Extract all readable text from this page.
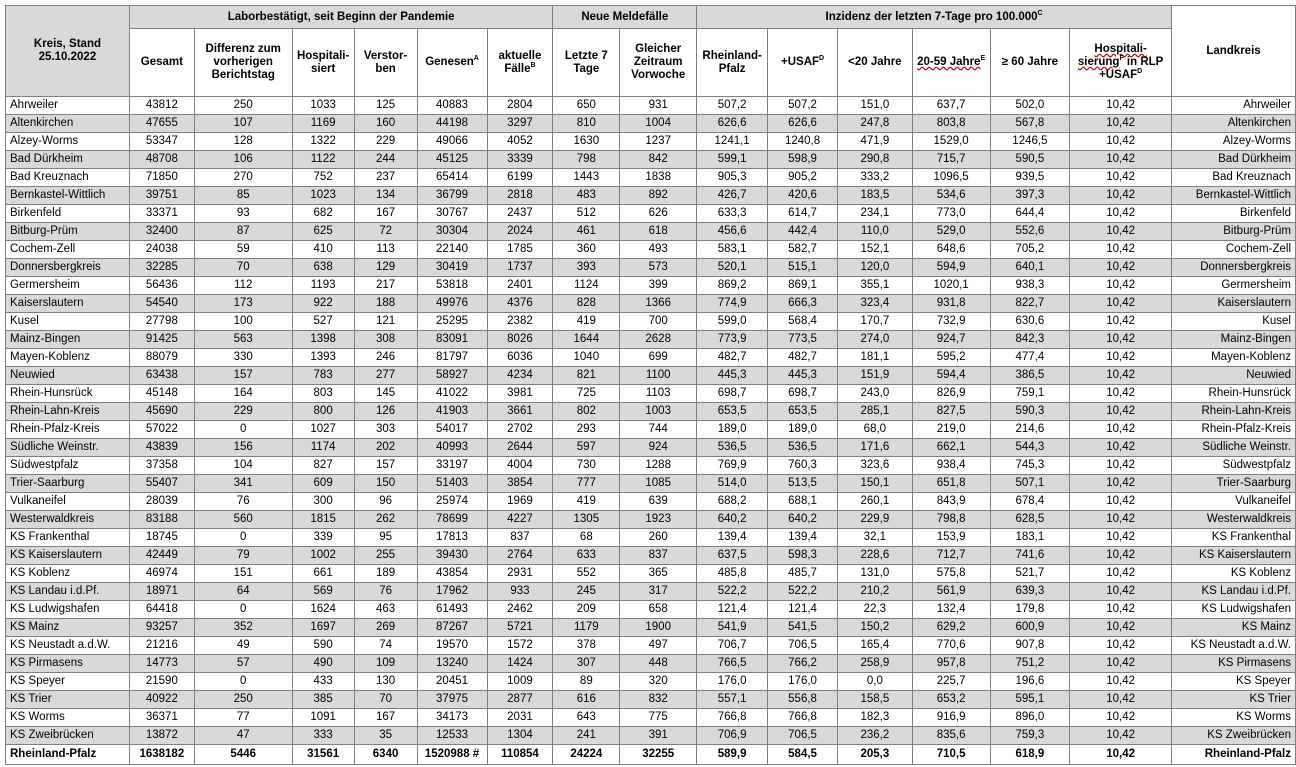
Kreis, Stand
25.10.2022	Laborbestätigt, seit Beginn der Pandemie						Neue Meldefälle		Inzidenz der letzten 7-Tage pro $100.000^C$						Landkreis
	Gesamt	Differenz zum vorherigen Berichtstag	Hospitali-siert	Verstor-ben	Genesen$^A$	aktuelle Fälle$^B$	Letzte 7 Tage	Gleicher Zeitraum Vorwoche	Rheinland-Pfalz	$+USAF^D$	<20 Jahre	20-59 Jahre$^E$	≥ 60 Jahre	Hospitali-sierung$^F$ in RLP $+USAF^D$
Ahrweiler	43812	250	1033	125	40883	2804	650	931	507,2	507,2	151,0	637,7	502,0	10,42	Ahrweiler
Altenkirchen	47655	107	1169	160	44198	3297	810	1004	626,6	626,6	247,8	803,8	567,8	10,42	Altenkirchen
Alzey-Worms	53347	128	1322	229	49066	4052	1630	1237	1241,1	1240,8	471,9	1529,0	1246,5	10,42	Alzey-Worms
Bad Dürkheim	48708	106	1122	244	45125	3339	798	842	599,1	598,9	290,8	715,7	590,5	10,42	Bad Dürkheim
Bad Kreuznach	71850	270	752	237	65414	6199	1443	1838	905,3	905,2	333,2	1096,5	939,5	10,42	Bad Kreuznach
Bernkastel-Wittlich	39751	85	1023	134	36799	2818	483	892	426,7	420,6	183,5	534,6	397,3	10,42	Bernkastel-Wittlich
Birkenfeld	33371	93	682	167	30767	2437	512	626	633,3	614,7	234,1	773,0	644,4	10,42	Birkenfeld
Bitburg-Prüm	32400	87	625	72	30304	2024	461	618	456,6	442,4	110,0	529,0	552,6	10,42	Bitburg-Prüm
Cochem-Zell	24038	59	410	113	22140	1785	360	493	583,1	582,7	152,1	648,6	705,2	10,42	Cochem-Zell
Donnersbergkreis	32285	70	638	129	30419	1737	393	573	520,1	515,1	120,0	594,9	640,1	10,42	Donnersbergkreis
Germersheim	56436	112	1193	217	53818	2401	1124	399	869,2	869,1	355,1	1020,1	938,3	10,42	Germersheim
Kaiserslautern	54540	173	922	188	49976	4376	828	1366	774,9	666,3	323,4	931,8	822,7	10,42	Kaiserslautern
Kusel	27798	100	527	121	25295	2382	419	700	599,0	568,4	170,7	732,9	630,6	10,42	Kusel
Mainz-Bingen	91425	563	1398	308	83091	8026	1644	2628	773,9	773,5	274,0	924,7	842,3	10,42	Mainz-Bingen
Mayen-Koblenz	88079	330	1393	246	81797	6036	1040	699	482,7	482,7	181,1	595,2	477,4	10,42	Mayen-Koblenz
Neuwied	63438	157	783	277	58927	4234	821	1100	445,3	445,3	151,9	594,4	386,5	10,42	Neuwied
Rhein-Hunsrück	45148	164	803	145	41022	3981	725	1103	698,7	698,7	243,0	826,9	759,1	10,42	Rhein-Hunsrück
Rhein-Lahn-Kreis	45690	229	800	126	41903	3661	802	1003	653,5	653,5	285,1	827,5	590,3	10,42	Rhein-Lahn-Kreis
Rhein-Pfalz-Kreis	57022	0	1027	303	54017	2702	293	744	189,0	189,0	68,0	219,0	214,6	10,42	Rhein-Pfalz-Kreis
Südliche Weinstr.	43839	156	1174	202	40993	2644	597	924	536,5	536,5	171,6	662,1	544,3	10,42	Südliche Weinstr.
Südwestpfalz	37358	104	827	157	33197	4004	730	1288	769,9	760,3	323,6	938,4	745,3	10,42	Südwestpfalz
Trier-Saarburg	55407	341	609	150	51403	3854	777	1085	514,0	513,5	150,1	651,8	507,1	10,42	Trier-Saarburg
Vulkaneifel	28039	76	300	96	25974	1969	419	639	688,2	688,1	260,1	843,9	678,4	10,42	Vulkaneifel
Westerwaldkreis	83188	560	1815	262	78699	4227	1305	1923	640,2	640,2	229,9	798,8	628,5	10,42	Westerwaldkreis
KS Frankenthal	18745	0	339	95	17813	837	68	260	139,4	139,4	32,1	153,9	183,1	10,42	KS Frankenthal
KS Kaiserslautern	42449	79	1002	255	39430	2764	633	837	637,5	598,3	228,6	712,7	741,6	10,42	KS Kaiserslautern
KS Koblenz	46974	151	661	189	43854	2931	552	365	485,8	485,7	131,0	575,8	521,7	10,42	KS Koblenz
KS Landau i.d.Pf.	18971	64	569	76	17962	933	245	317	522,2	522,2	210,2	561,9	639,3	10,42	KS Landau i.d.Pf.
KS Ludwigshafen	64418	0	1624	463	61493	2462	209	658	121,4	121,4	22,3	132,4	179,8	10,42	KS Ludwigshafen
KS Mainz	93257	352	1697	269	87267	5721	1179	1900	541,9	541,5	150,2	629,2	600,9	10,42	KS Mainz
KS Neustadt a.d.W.	21216	49	590	74	19570	1572	378	497	706,7	706,5	165,4	770,6	907,8	10,42	KS Neustadt a.d.W.
KS Pirmasens	14773	57	490	109	13240	1424	307	448	766,5	766,2	258,9	957,8	751,2	10,42	KS Pirmasens
KS Speyer	21590	0	433	130	20451	1009	89	320	176,0	176,0	0,0	225,7	196,6	10,42	KS Speyer
KS Trier	40922	250	385	70	37975	2877	616	832	557,1	556,8	158,5	653,2	595,1	10,42	KS Trier
KS Worms	36371	77	1091	167	34173	2031	643	775	766,8	766,8	182,3	916,9	896,0	10,42	KS Worms
KS Zweibrücken	13872	47	333	35	12533	1304	241	391	706,9	706,5	236,2	835,6	759,3	10,42	KS Zweibrücken
Rheinland-Pfalz	1638182	5446	31561	6340	1520988 #	110854	24224	32255	589,9	584,5	205,3	710,5	618,9	10,42	Rheinland-Pfalz
